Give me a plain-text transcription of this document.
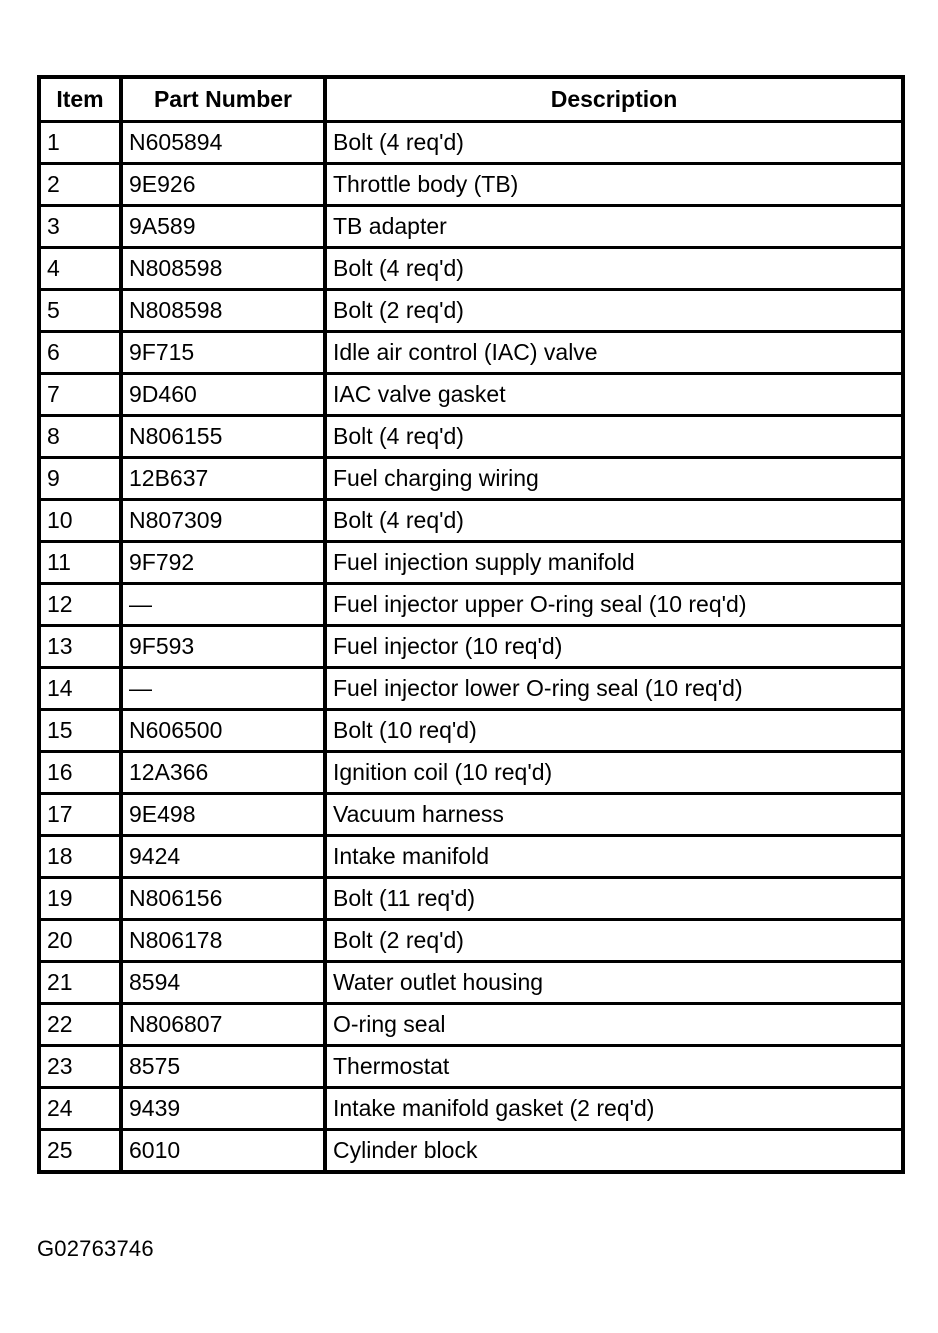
Item	Part Number	Description
1	N605894	Bolt (4 req'd)
2	9E926	Throttle body (TB)
3	9A589	TB adapter
4	N808598	Bolt (4 req'd)
5	N808598	Bolt (2 req'd)
6	9F715	Idle air control (IAC) valve
7	9D460	IAC valve gasket
8	N806155	Bolt (4 req'd)
9	12B637	Fuel charging wiring
10	N807309	Bolt (4 req'd)
11	9F792	Fuel injection supply manifold
12	—	Fuel injector upper O-ring seal (10 req'd)
13	9F593	Fuel injector (10 req'd)
14	—	Fuel injector lower O-ring seal (10 req'd)
15	N606500	Bolt (10 req'd)
16	12A366	Ignition coil (10 req'd)
17	9E498	Vacuum harness
18	9424	Intake manifold
19	N806156	Bolt (11 req'd)
20	N806178	Bolt (2 req'd)
21	8594	Water outlet housing
22	N806807	O-ring seal
23	8575	Thermostat
24	9439	Intake manifold gasket (2 req'd)
25	6010	Cylinder block
G02763746
